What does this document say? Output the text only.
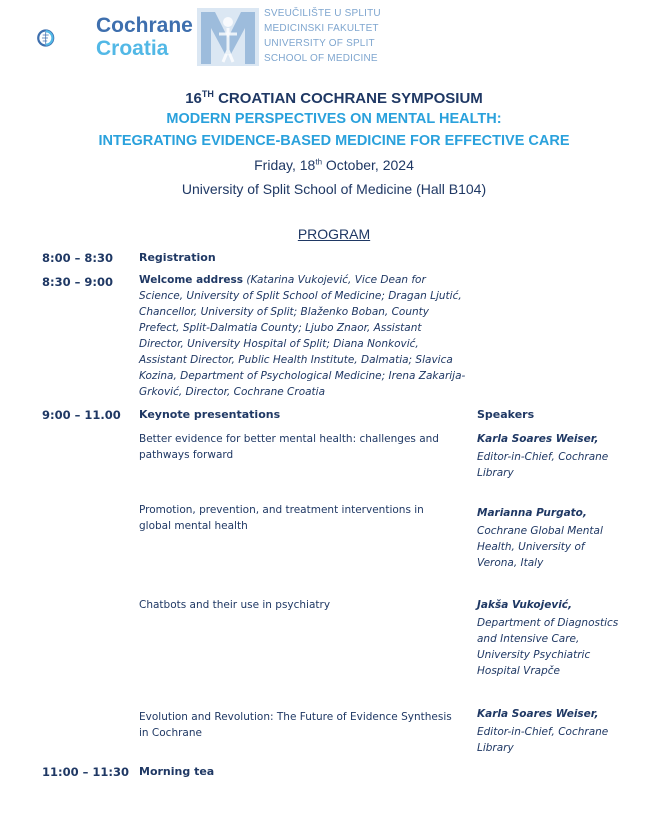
Cochrane
Croatia
SVEUČILIŠTE U SPLITU
MEDICINSKI FAKULTET
UNIVERSITY OF SPLIT
SCHOOL OF MEDICINE
16TH CROATIAN COCHRANE SYMPOSIUM
MODERN PERSPECTIVES ON MENTAL HEALTH:
INTEGRATING EVIDENCE-BASED MEDICINE FOR EFFECTIVE CARE
Friday, 18th October, 2024
University of Split School of Medicine (Hall B104)
PROGRAM
8:00 – 8:30 Registration
8:30 – 9:00 Welcome address (Katarina Vukojević, Vice Dean for Science, University of Split School of Medicine; Dragan Ljutić, Chancellor, University of Split; Blaženko Boban, County Prefect, Split-Dalmatia County; Ljubo Znaor, Assistant Director, University Hospital of Split; Diana Nonković, Assistant Director, Public Health Institute, Dalmatia; Slavica Kozina, Department of Psychological Medicine; Irena Zakarija-Grković, Director, Cochrane Croatia
9:00 – 11.00 Keynote presentations	Speakers
Better evidence for better mental health: challenges and pathways forward
Karla Soares Weiser,
Editor-in-Chief, Cochrane Library
Promotion, prevention, and treatment interventions in global mental health
Marianna Purgato,
Cochrane Global Mental Health, University of Verona, Italy
Chatbots and their use in psychiatry	Jakša Vukojević,
Department of Diagnostics and Intensive Care, University Psychiatric Hospital Vrapče
Evolution and Revolution: The Future of Evidence Synthesis in Cochrane
Karla Soares Weiser,
Editor-in-Chief, Cochrane Library
11:00 – 11:30 Morning tea
